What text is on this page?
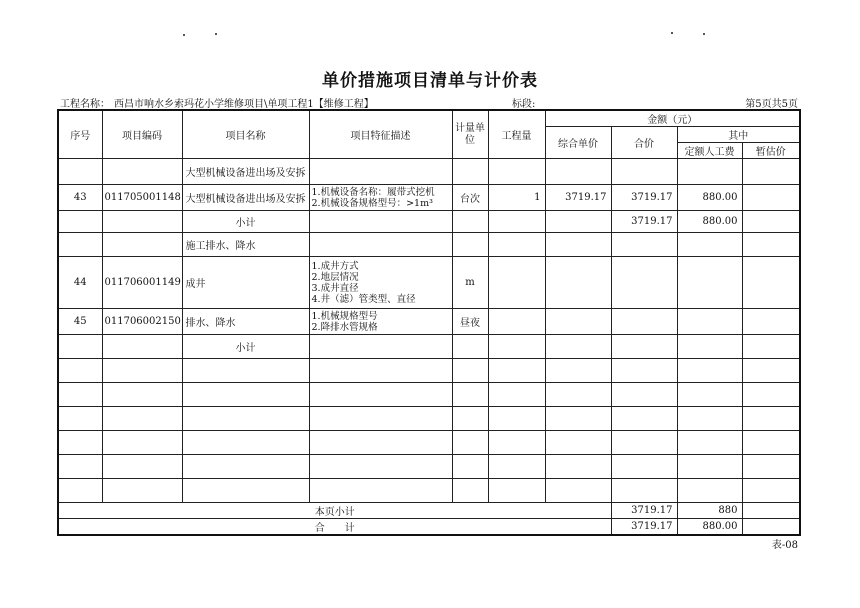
单价措施项目清单与计价表
工程名称： 西昌市响水乡索玛花小学维修项目\单项工程1【维修工程】	标段:	第5页共5页
序号	项目编码	项目名称	项目特征描述	计量单位	工程量	金额（元）			
						综合单价	合价	其中	
								定额人工费	暂估价
		大型机械设备进出场及安拆							
43	011705001148	大型机械设备进出场及安拆	1.机械设备名称：履带式挖机
2.机械设备规格型号：>1m³	台次	1	3719.17	3719.17	880.00	
		小计					3719.17	880.00	
		施工排水、降水							
44	011706001149	成井	1.成井方式
2.地层情况
3.成井直径
4.井（滤）管类型、直径	m					
45	011706002150	排水、降水	1.机械规格型号
2.降排水管规格	昼夜					
		小计							

本页小计							3719.17	880	
合　　计							3719.17	880.00	
表-08
